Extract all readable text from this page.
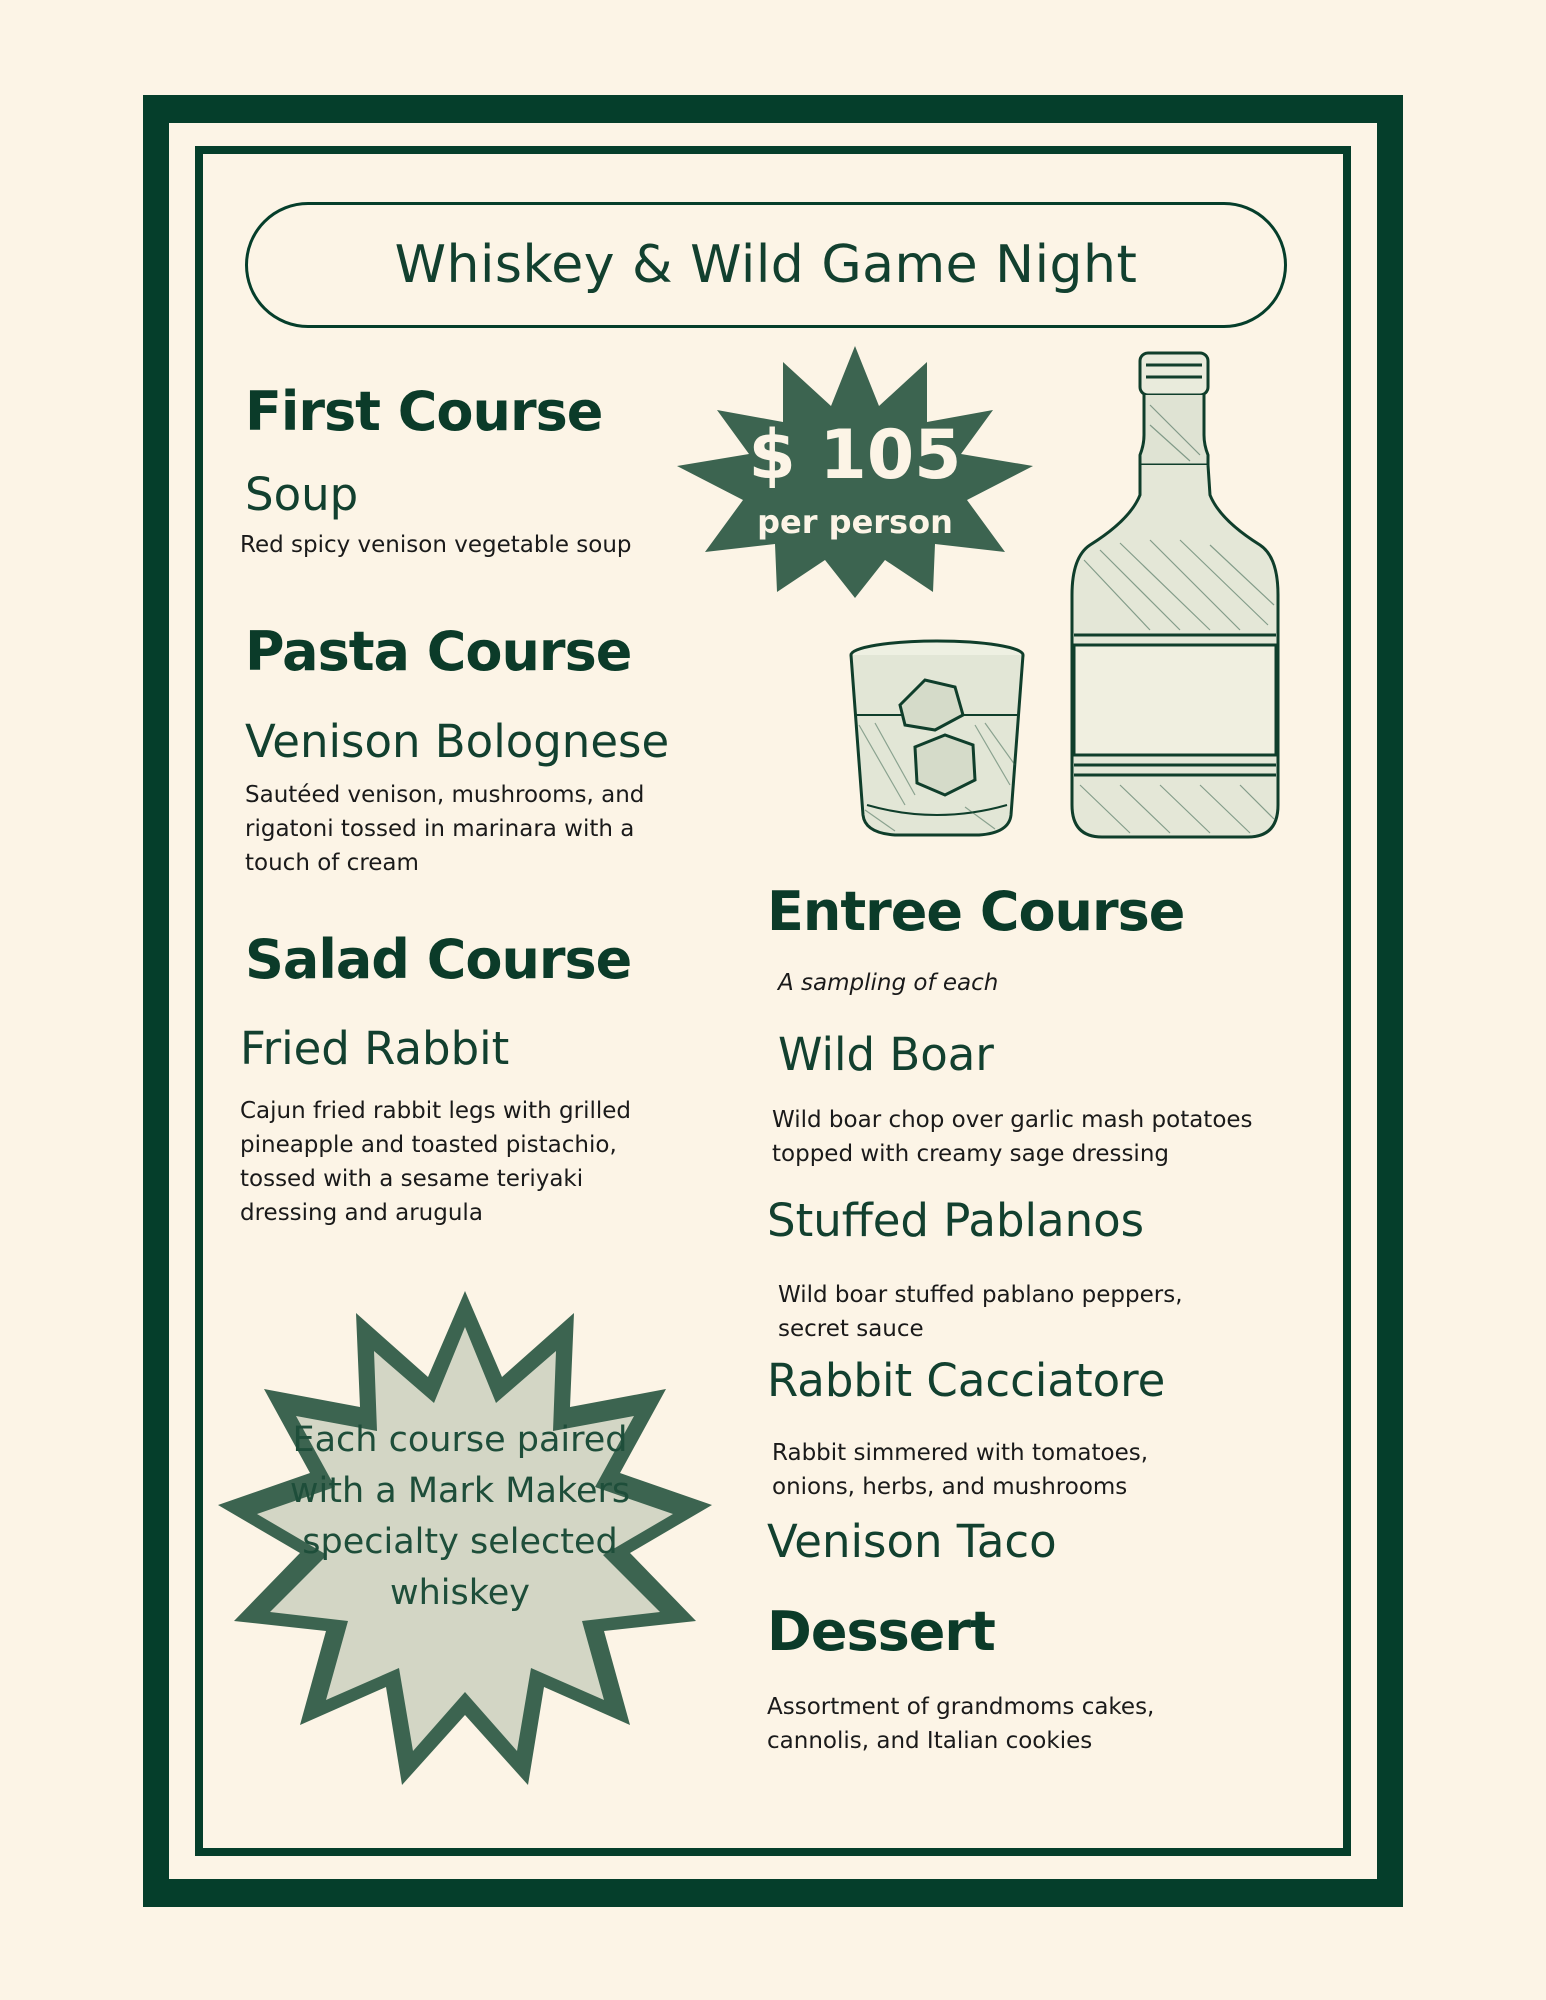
Whiskey & Wild Game Night
$ 105
per person
First Course
Soup
Red spicy venison vegetable soup
Pasta Course
Venison Bolognese
Sautéed venison, mushrooms, and rigatoni tossed in marinara with a touch of cream
Salad Course
Fried Rabbit
Cajun fried rabbit legs with grilled pineapple and toasted pistachio, tossed with a sesame teriyaki dressing and arugula
Each course paired with a Mark Makers specialty selected whiskey
Entree Course
A sampling of each
Wild Boar
Wild boar chop over garlic mash potatoes topped with creamy sage dressing
Stuffed Pablanos
Wild boar stuffed pablano peppers, secret sauce
Rabbit Cacciatore
Rabbit simmered with tomatoes, onions, herbs, and mushrooms
Venison Taco
Dessert
Assortment of grandmoms cakes, cannolis, and Italian cookies
